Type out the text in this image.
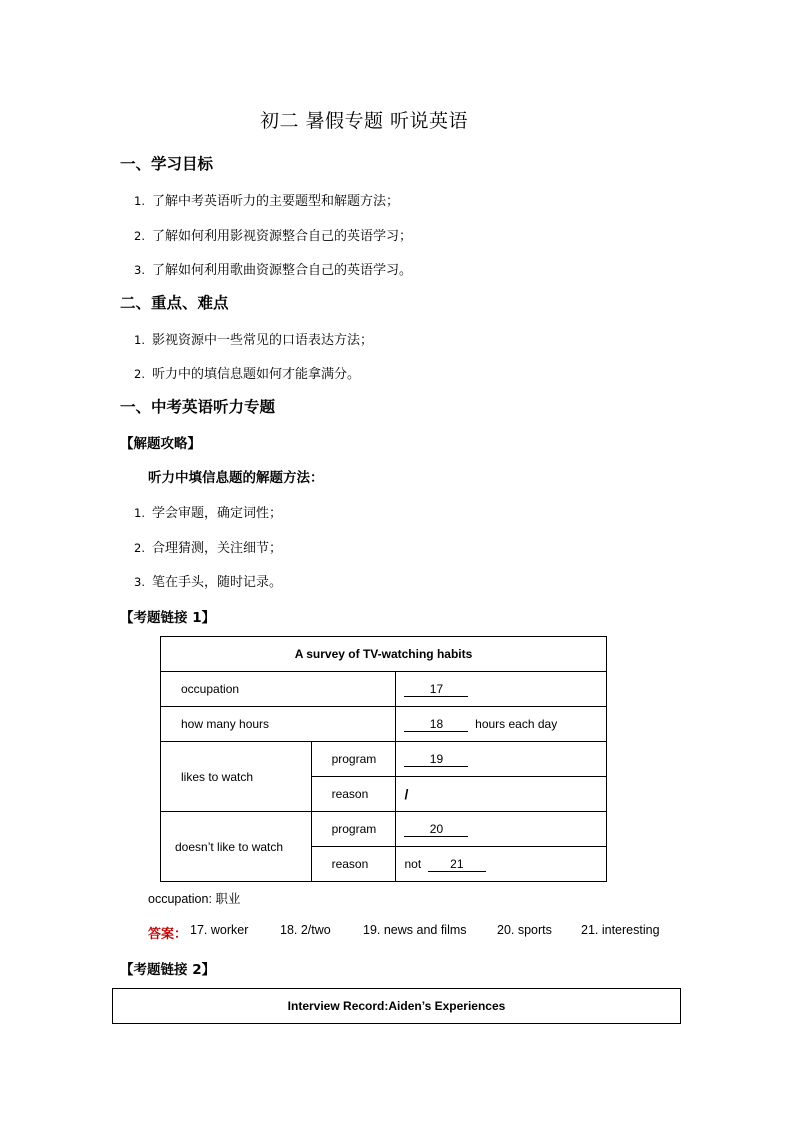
初二 暑假专题 听说英语
一、学习目标
1. 了解中考英语听力的主要题型和解题方法；
2. 了解如何利用影视资源整合自己的英语学习；
3. 了解如何利用歌曲资源整合自己的英语学习。
二、重点、难点
1. 影视资源中一些常见的口语表达方法；
2. 听力中的填信息题如何才能拿满分。
一、中考英语听力专题
【解题攻略】
听力中填信息题的解题方法：
1. 学会审题，确定词性；
2. 合理猜测，关注细节；
3. 笔在手头，随时记录。
【考题链接 1】
A survey of TV-watching habits		
occupation		17
how many hours		18 hours each day
likes to watch	program	19
	reason	/
doesn’t like to watch	program	20
	reason	not 21
occupation: 职业
答案： 17. worker	18. 2/two	19. news and films 20. sports 21. interesting
【考题链接 2】
Interview Record:Aiden’s Experiences
